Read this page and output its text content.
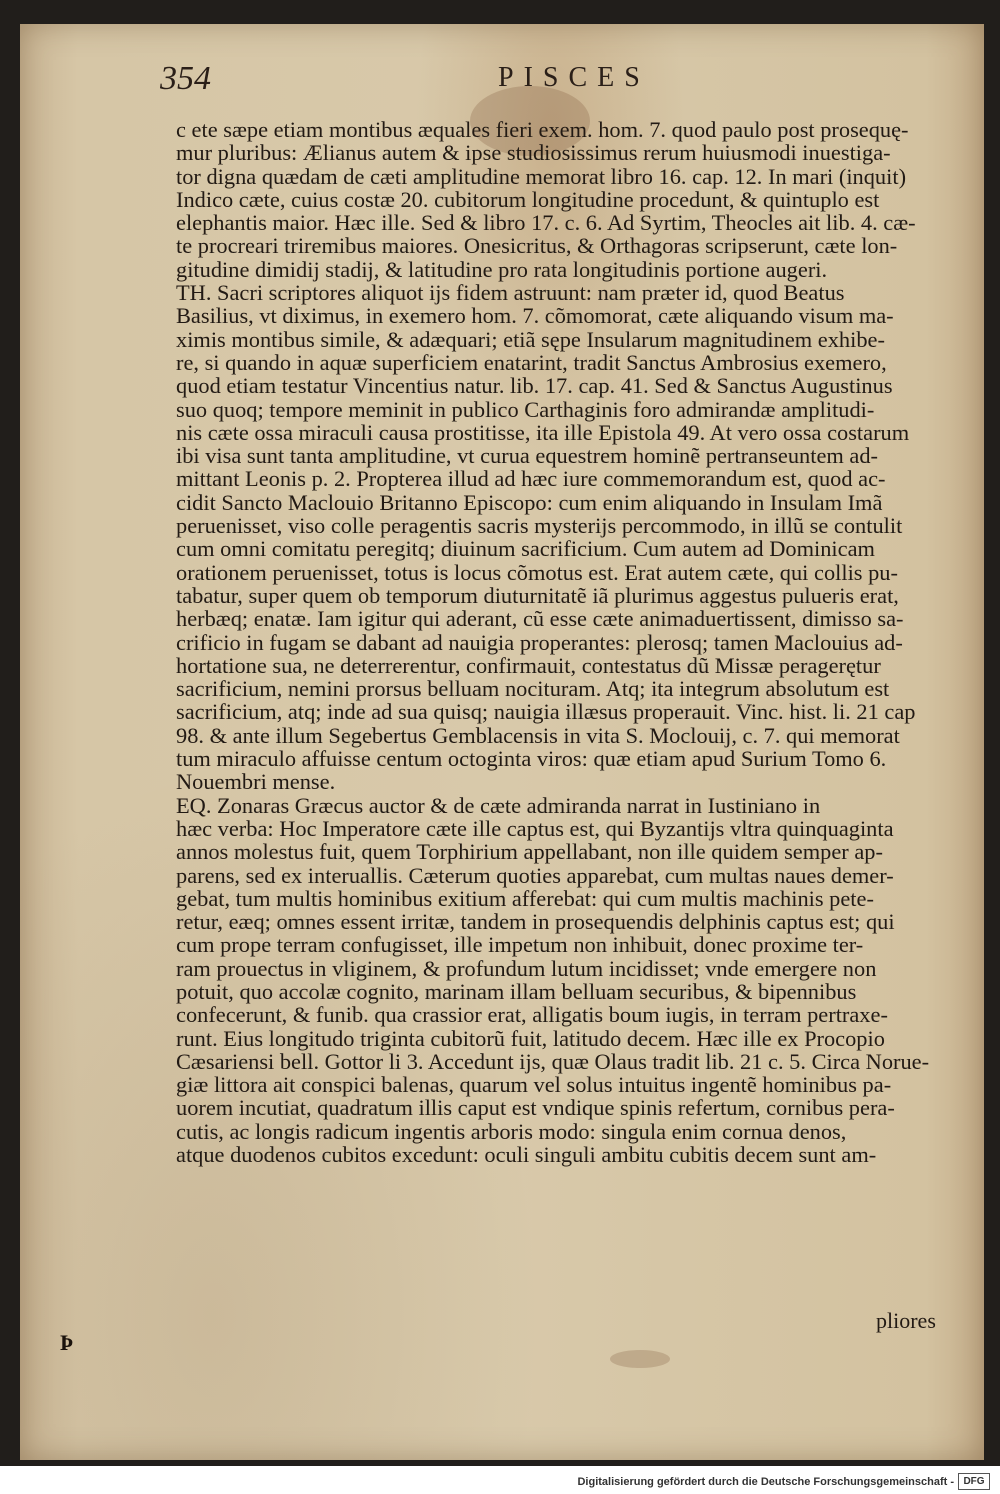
354	PISCES
c ete sæpe etiam montibus æquales fieri exem. hom. 7. quod paulo post prosequę-
mur pluribus: Ælianus autem & ipse studiosissimus rerum huiusmodi inuestiga-
tor digna quædam de cæti amplitudine memorat libro 16. cap. 12. In mari (inquit)
Indico cæte, cuius costæ 20. cubitorum longitudine procedunt, & quintuplo est
elephantis maior. Hæc ille. Sed & libro 17. c. 6. Ad Syrtim, Theocles ait lib. 4. cæ-
te procreari triremibus maiores. Onesicritus, & Orthagoras scripserunt, cæte lon-
gitudine dimidij stadij, & latitudine pro rata longitudinis portione augeri.
TH. Sacri scriptores aliquot ijs fidem astruunt: nam præter id, quod Beatus
Basilius, vt diximus, in exemero hom. 7. cõmomorat, cæte aliquando visum ma-
ximis montibus simile, & adæquari; etiã sępe Insularum magnitudinem exhibe-
re, si quando in aquæ superficiem enatarint, tradit Sanctus Ambrosius exemero,
quod etiam testatur Vincentius natur. lib. 17. cap. 41. Sed & Sanctus Augustinus
suo quoq; tempore meminit in publico Carthaginis foro admirandæ amplitudi-
nis cæte ossa miraculi causa prostitisse, ita ille Epistola 49. At vero ossa costarum
ibi visa sunt tanta amplitudine, vt curua equestrem hominẽ pertranseuntem ad-
mittant Leonis p. 2. Propterea illud ad hæc iure commemorandum est, quod ac-
cidit Sancto Maclouio Britanno Episcopo: cum enim aliquando in Insulam Imã
peruenisset, viso colle peragentis sacris mysterijs percommodo, in illũ se contulit
cum omni comitatu peregitq; diuinum sacrificium. Cum autem ad Dominicam
orationem peruenisset, totus is locus cõmotus est. Erat autem cæte, qui collis pu-
tabatur, super quem ob temporum diuturnitatẽ iã plurimus aggestus pulueris erat,
herbæq; enatæ. Iam igitur qui aderant, cũ esse cæte animaduertissent, dimisso sa-
crificio in fugam se dabant ad nauigia properantes: plerosq; tamen Maclouius ad-
hortatione sua, ne deterrerentur, confirmauit, contestatus dũ Missæ peragerętur
sacrificium, nemini prorsus belluam nocituram. Atq; ita integrum absolutum est
sacrificium, atq; inde ad sua quisq; nauigia illæsus properauit. Vinc. hist. li. 21 cap
98. & ante illum Segebertus Gemblacensis in vita S. Moclouij, c. 7. qui memorat
tum miraculo affuisse centum octoginta viros: quæ etiam apud Surium Tomo 6.
Nouembri mense.
EQ. Zonaras Græcus auctor & de cæte admiranda narrat in Iustiniano in
hæc verba: Hoc Imperatore cæte ille captus est, qui Byzantijs vltra quinquaginta
annos molestus fuit, quem Torphirium appellabant, non ille quidem semper ap-
parens, sed ex interuallis. Cæterum quoties apparebat, cum multas naues demer-
gebat, tum multis hominibus exitium afferebat: qui cum multis machinis pete-
retur, eæq; omnes essent irritæ, tandem in prosequendis delphinis captus est; qui
cum prope terram confugisset, ille impetum non inhibuit, donec proxime ter-
ram prouectus in vliginem, & profundum lutum incidisset; vnde emergere non
potuit, quo accolæ cognito, marinam illam belluam securibus, & bipennibus
confecerunt, & funib. qua crassior erat, alligatis boum iugis, in terram pertraxe-
runt. Eius longitudo triginta cubitorũ fuit, latitudo decem. Hæc ille ex Procopio
Cæsariensi bell. Gottor li 3. Accedunt ijs, quæ Olaus tradit lib. 21 c. 5. Circa Norue-
giæ littora ait conspici balenas, quarum vel solus intuitus ingentẽ hominibus pa-
uorem incutiat, quadratum illis caput est vndique spinis refertum, cornibus pera-
cutis, ac longis radicum ingentis arboris modo: singula enim cornua denos,
atque duodenos cubitos excedunt: oculi singuli ambitu cubitis decem sunt am-
pliores
Þ
Digitalisierung gefördert durch die Deutsche Forschungsgemeinschaft - DFG
